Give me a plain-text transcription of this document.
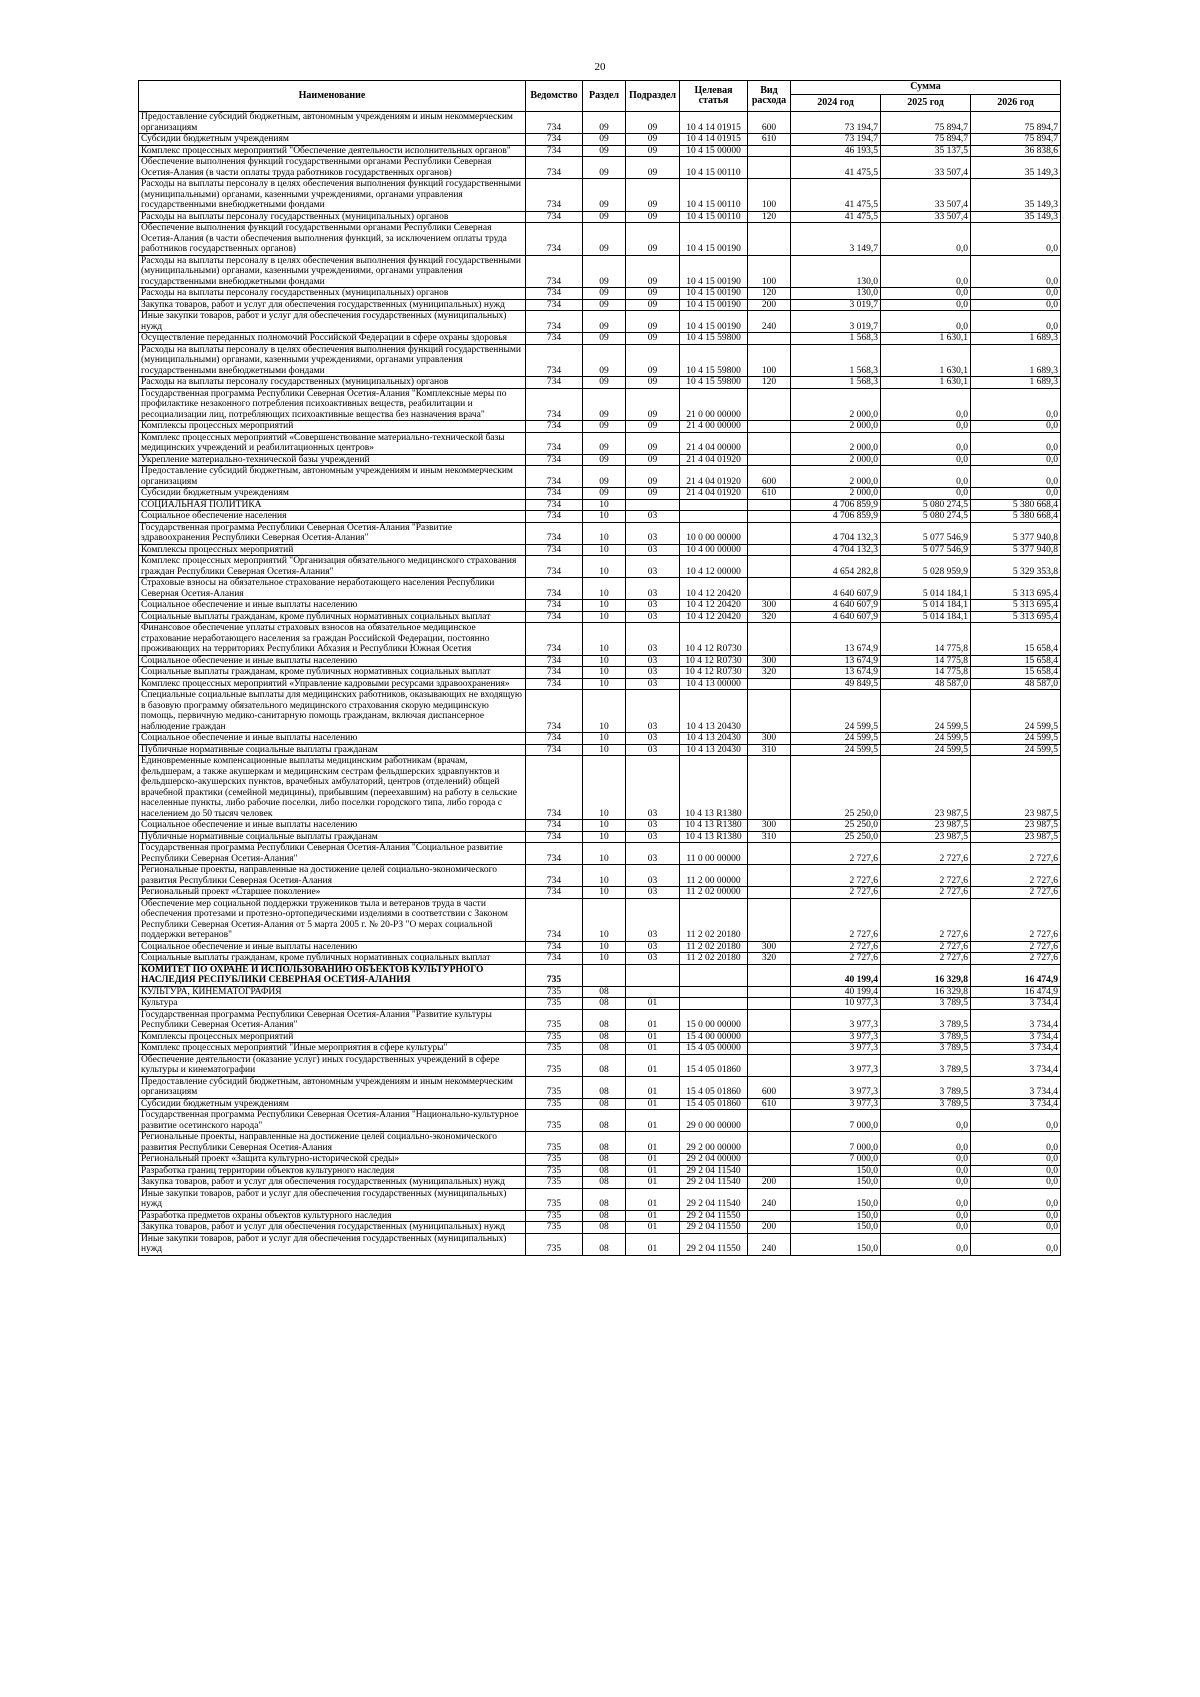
20
Наименование	Ведомство	Раздел	Подраздел	Целевая статья	Вид расхода	Сумма		
						2024 год	2025 год	2026 год
Предоставление субсидий бюджетным, автономным учреждениям и иным некоммерческим организациям	734	09	09	10 4 14 01915	600	73 194,7	75 894,7	75 894,7
Субсидии бюджетным учреждениям	734	09	09	10 4 14 01915	610	73 194,7	75 894,7	75 894,7
Комплекс процессных мероприятий "Обеспечение деятельности исполнительных органов"	734	09	09	10 4 15 00000		46 193,5	35 137,5	36 838,6
Обеспечение выполнения функций государственными органами Республики Северная Осетия-Алания (в части оплаты труда работников государственных органов)	734	09	09	10 4 15 00110		41 475,5	33 507,4	35 149,3
Расходы на выплаты персоналу в целях обеспечения выполнения функций государственными (муниципальными) органами, казенными учреждениями, органами управления государственными внебюджетными фондами	734	09	09	10 4 15 00110	100	41 475,5	33 507,4	35 149,3
Расходы на выплаты персоналу государственных (муниципальных) органов	734	09	09	10 4 15 00110	120	41 475,5	33 507,4	35 149,3
Обеспечение выполнения функций государственными органами Республики Северная Осетия-Алания (в части обеспечения выполнения функций, за исключением оплаты труда работников государственных органов)	734	09	09	10 4 15 00190		3 149,7	0,0	0,0
Расходы на выплаты персоналу в целях обеспечения выполнения функций государственными (муниципальными) органами, казенными учреждениями, органами управления государственными внебюджетными фондами	734	09	09	10 4 15 00190	100	130,0	0,0	0,0
Расходы на выплаты персоналу государственных (муниципальных) органов	734	09	09	10 4 15 00190	120	130,0	0,0	0,0
Закупка товаров, работ и услуг для обеспечения государственных (муниципальных) нужд	734	09	09	10 4 15 00190	200	3 019,7	0,0	0,0
Иные закупки товаров, работ и услуг для обеспечения государственных (муниципальных) нужд	734	09	09	10 4 15 00190	240	3 019,7	0,0	0,0
Осуществление переданных полномочий Российской Федерации в сфере охраны здоровья	734	09	09	10 4 15 59800		1 568,3	1 630,1	1 689,3
Расходы на выплаты персоналу в целях обеспечения выполнения функций государственными (муниципальными) органами, казенными учреждениями, органами управления государственными внебюджетными фондами	734	09	09	10 4 15 59800	100	1 568,3	1 630,1	1 689,3
Расходы на выплаты персоналу государственных (муниципальных) органов	734	09	09	10 4 15 59800	120	1 568,3	1 630,1	1 689,3
Государственная программа Республики Северная Осетия-Алания "Комплексные меры по профилактике незаконного потребления психоактивных веществ, реабилитации и ресоциализации лиц, потребляющих психоактивные вещества без назначения врача"	734	09	09	21 0 00 00000		2 000,0	0,0	0,0
Комплексы процессных мероприятий	734	09	09	21 4 00 00000		2 000,0	0,0	0,0
Комплекс процессных мероприятий «Совершенствование материально-технической базы медицинских учреждений и реабилитационных центров»	734	09	09	21 4 04 00000		2 000,0	0,0	0,0
Укрепление материально-технической базы учреждений	734	09	09	21 4 04 01920		2 000,0	0,0	0,0
Предоставление субсидий бюджетным, автономным учреждениям и иным некоммерческим организациям	734	09	09	21 4 04 01920	600	2 000,0	0,0	0,0
Субсидии бюджетным учреждениям	734	09	09	21 4 04 01920	610	2 000,0	0,0	0,0
СОЦИАЛЬНАЯ ПОЛИТИКА	734	10				4 706 859,9	5 080 274,5	5 380 668,4
Социальное обеспечение населения	734	10	03			4 706 859,9	5 080 274,5	5 380 668,4
Государственная программа Республики Северная Осетия-Алания "Развитие здравоохранения Республики Северная Осетия-Алания"	734	10	03	10 0 00 00000		4 704 132,3	5 077 546,9	5 377 940,8
Комплексы процессных мероприятий	734	10	03	10 4 00 00000		4 704 132,3	5 077 546,9	5 377 940,8
Комплекс процессных мероприятий "Организация обязательного медицинского страхования граждан Республики Северная Осетия-Алания"	734	10	03	10 4 12 00000		4 654 282,8	5 028 959,9	5 329 353,8
Страховые взносы на обязательное страхование неработающего населения Республики Северная Осетия-Алания	734	10	03	10 4 12 20420		4 640 607,9	5 014 184,1	5 313 695,4
Социальное обеспечение и иные выплаты населению	734	10	03	10 4 12 20420	300	4 640 607,9	5 014 184,1	5 313 695,4
Социальные выплаты гражданам, кроме публичных нормативных социальных выплат	734	10	03	10 4 12 20420	320	4 640 607,9	5 014 184,1	5 313 695,4
Финансовое обеспечение уплаты страховых взносов на обязательное медицинское страхование неработающего населения за граждан Российской Федерации, постоянно проживающих на территориях Республики Абхазия и Республики Южная Осетия	734	10	03	10 4 12 R0730		13 674,9	14 775,8	15 658,4
Социальное обеспечение и иные выплаты населению	734	10	03	10 4 12 R0730	300	13 674,9	14 775,8	15 658,4
Социальные выплаты гражданам, кроме публичных нормативных социальных выплат	734	10	03	10 4 12 R0730	320	13 674,9	14 775,8	15 658,4
Комплекс процессных мероприятий «Управление кадровыми ресурсами здравоохранения»	734	10	03	10 4 13 00000		49 849,5	48 587,0	48 587,0
Специальные социальные выплаты для медицинских работников, оказывающих не входящую в базовую программу обязательного медицинского страхования скорую медицинскую помощь, первичную медико-санитарную помощь гражданам, включая диспансерное наблюдение граждан	734	10	03	10 4 13 20430		24 599,5	24 599,5	24 599,5
Социальное обеспечение и иные выплаты населению	734	10	03	10 4 13 20430	300	24 599,5	24 599,5	24 599,5
Публичные нормативные социальные выплаты гражданам	734	10	03	10 4 13 20430	310	24 599,5	24 599,5	24 599,5
Единовременные компенсационные выплаты медицинским работникам (врачам, фельдшерам, а также акушеркам и медицинским сестрам фельдшерских здравпунктов и фельдшерско-акушерских пунктов, врачебных амбулаторий, центров (отделений) общей врачебной практики (семейной медицины), прибывшим (переехавшим) на работу в сельские населенные пункты, либо рабочие поселки, либо поселки городского типа, либо города с населением до 50 тысяч человек	734	10	03	10 4 13 R1380		25 250,0	23 987,5	23 987,5
Социальное обеспечение и иные выплаты населению	734	10	03	10 4 13 R1380	300	25 250,0	23 987,5	23 987,5
Публичные нормативные социальные выплаты гражданам	734	10	03	10 4 13 R1380	310	25 250,0	23 987,5	23 987,5
Государственная программа Республики Северная Осетия-Алания "Социальное развитие Республики Северная Осетия-Алания"	734	10	03	11 0 00 00000		2 727,6	2 727,6	2 727,6
Региональные проекты, направленные на достижение целей социально-экономического развития Республики Северная Осетия-Алания	734	10	03	11 2 00 00000		2 727,6	2 727,6	2 727,6
Региональный проект «Старшее поколение»	734	10	03	11 2 02 00000		2 727,6	2 727,6	2 727,6
Обеспечение мер социальной поддержки тружеников тыла и ветеранов труда в части обеспечения протезами и протезно-ортопедическими изделиями в соответствии с Законом Республики Северная Осетия-Алания от 5 марта 2005 г. № 20-РЗ "О мерах социальной поддержки ветеранов"	734	10	03	11 2 02 20180		2 727,6	2 727,6	2 727,6
Социальное обеспечение и иные выплаты населению	734	10	03	11 2 02 20180	300	2 727,6	2 727,6	2 727,6
Социальные выплаты гражданам, кроме публичных нормативных социальных выплат	734	10	03	11 2 02 20180	320	2 727,6	2 727,6	2 727,6
КОМИТЕТ ПО ОХРАНЕ И ИСПОЛЬЗОВАНИЮ ОБЪЕКТОВ КУЛЬТУРНОГО НАСЛЕДИЯ РЕСПУБЛИКИ СЕВЕРНАЯ ОСЕТИЯ-АЛАНИЯ	735					40 199,4	16 329,8	16 474,9
КУЛЬТУРА, КИНЕМАТОГРАФИЯ	735	08				40 199,4	16 329,8	16 474,9
Культура	735	08	01			10 977,3	3 789,5	3 734,4
Государственная программа Республики Северная Осетия-Алания "Развитие культуры Республики Северная Осетия-Алания"	735	08	01	15 0 00 00000		3 977,3	3 789,5	3 734,4
Комплексы процессных мероприятий	735	08	01	15 4 00 00000		3 977,3	3 789,5	3 734,4
Комплекс процессных мероприятий "Иные мероприятия в сфере культуры"	735	08	01	15 4 05 00000		3 977,3	3 789,5	3 734,4
Обеспечение деятельности (оказание услуг) иных государственных учреждений в сфере культуры и кинематографии	735	08	01	15 4 05 01860		3 977,3	3 789,5	3 734,4
Предоставление субсидий бюджетным, автономным учреждениям и иным некоммерческим организациям	735	08	01	15 4 05 01860	600	3 977,3	3 789,5	3 734,4
Субсидии бюджетным учреждениям	735	08	01	15 4 05 01860	610	3 977,3	3 789,5	3 734,4
Государственная программа Республики Северная Осетия-Алания "Национально-культурное развитие осетинского народа"	735	08	01	29 0 00 00000		7 000,0	0,0	0,0
Региональные проекты, направленные на достижение целей социально-экономического развития Республики Северная Осетия-Алания	735	08	01	29 2 00 00000		7 000,0	0,0	0,0
Региональный проект «Защита культурно-исторической среды»	735	08	01	29 2 04 00000		7 000,0	0,0	0,0
Разработка границ территории объектов культурного наследия	735	08	01	29 2 04 11540		150,0	0,0	0,0
Закупка товаров, работ и услуг для обеспечения государственных (муниципальных) нужд	735	08	01	29 2 04 11540	200	150,0	0,0	0,0
Иные закупки товаров, работ и услуг для обеспечения государственных (муниципальных) нужд	735	08	01	29 2 04 11540	240	150,0	0,0	0,0
Разработка предметов охраны объектов культурного наследия	735	08	01	29 2 04 11550		150,0	0,0	0,0
Закупка товаров, работ и услуг для обеспечения государственных (муниципальных) нужд	735	08	01	29 2 04 11550	200	150,0	0,0	0,0
Иные закупки товаров, работ и услуг для обеспечения государственных (муниципальных) нужд	735	08	01	29 2 04 11550	240	150,0	0,0	0,0
